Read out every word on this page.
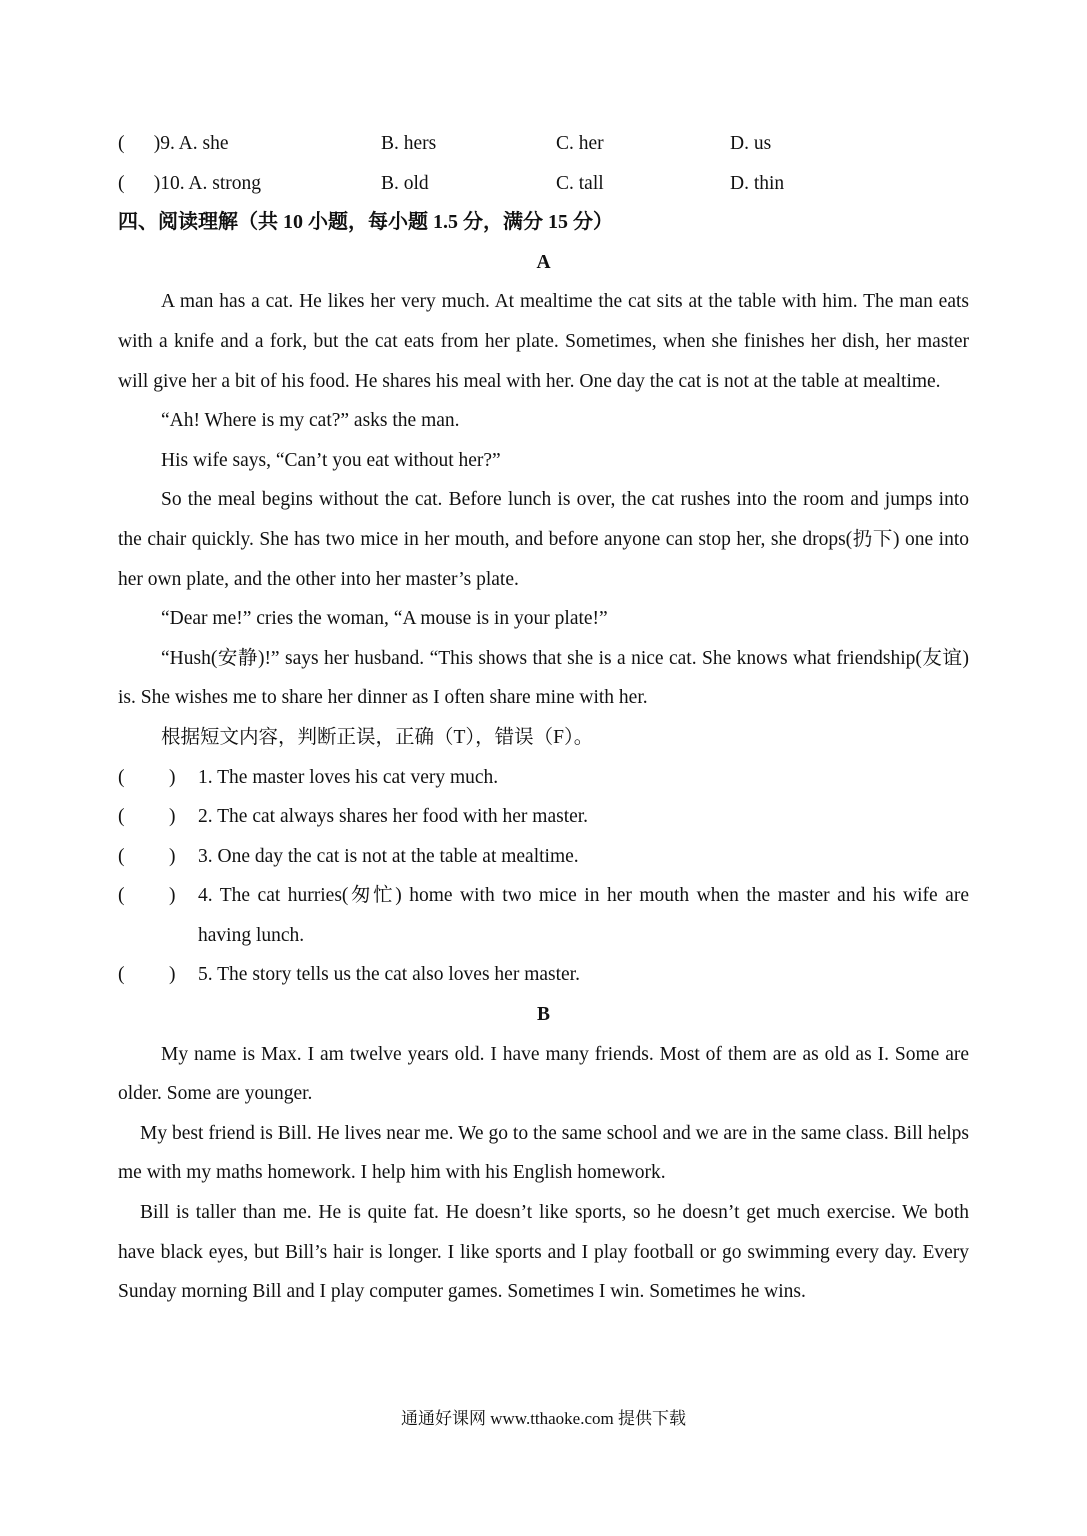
(      )9. A. she	B. hers	C. her	D. us
(      )10. A. strong	B. old	C. tall	D. thin
四、阅读理解（共 10 小题，每小题 1.5 分，满分 15 分）
A

A man has a cat. He likes her very much. At mealtime the cat sits at the table with him. The man eats with a knife and a fork, but the cat eats from her plate. Sometimes, when she finishes her dish, her master will give her a bit of his food. He shares his meal with her. One day the cat is not at the table at mealtime.

“Ah! Where is my cat?” asks the man.
His wife says, “Can’t you eat without her?”

So the meal begins without the cat. Before lunch is over, the cat rushes into the room and jumps into the chair quickly. She has two mice in her mouth, and before anyone can stop her, she drops(扔下) one into her own plate, and the other into her master’s plate.

“Dear me!” cries the woman, “A mouse is in your plate!”

“Hush(安静)!” says her husband. “This shows that she is a nice cat. She knows what friendship(友谊) is. She wishes me to share her dinner as I often share mine with her.

根据短文内容，判断正误，正确（T），错误（F）。
( ) 1. The master loves his cat very much.
( ) 2. The cat always shares her food with her master.
( ) 3. One day the cat is not at the table at mealtime.
( ) 4. The cat hurries(匆忙) home with two mice in her mouth when the master and his wife are having lunch.
( ) 5. The story tells us the cat also loves her master.
B

My name is Max. I am twelve years old. I have many friends. Most of them are as old as I. Some are older. Some are younger.

My best friend is Bill. He lives near me. We go to the same school and we are in the same class. Bill helps me with my maths homework. I help him with his English homework.

Bill is taller than me. He is quite fat. He doesn’t like sports, so he doesn’t get much exercise. We both have black eyes, but Bill’s hair is longer. I like sports and I play football or go swimming every day. Every Sunday morning Bill and I play computer games. Sometimes I win. Sometimes he wins.

通通好课网 www.tthaoke.com 提供下载
